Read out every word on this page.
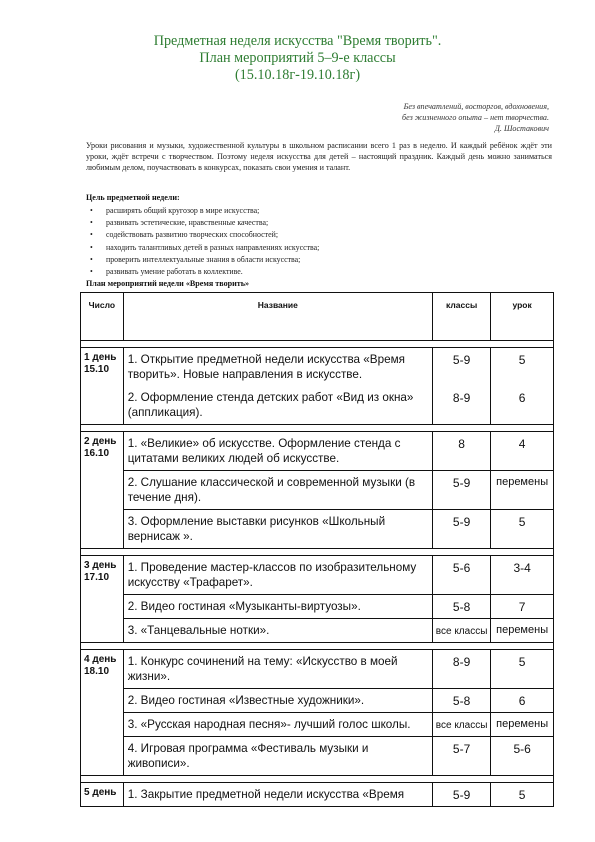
Предметная неделя искусства "Время творить".
План мероприятий 5–9-е классы
(15.10.18г-19.10.18г)
Без впечатлений, восторгов, вдохновения,
без жизненного опыта – нет творчества.
Д. Шостакович
Уроки рисования и музыки, художественной культуры в школьном расписании всего 1 раз в неделю. И каждый ребёнок ждёт эти уроки, ждёт встречи с творчеством. Поэтому неделя искусства для детей – настоящий праздник. Каждый день можно заниматься любимым делом, поучаствовать в конкурсах, показать свои умения и талант.
Цель предметной недели:
• расширять общий кругозор в мире искусства;
• развивать эстетические, нравственные качества;
• содействовать развитию творческих способностей;
• находить талантливых детей в разных направлениях искусства;
• проверить интеллектуальные знания в области искусства;
• развивать умение работать в коллективе.
План мероприятий недели «Время творить»
Число	Название	классы	урок

1 день 15.10	1. Открытие предметной недели искусства «Время творить». Новые направления в искусстве.	5-9	5
	2. Оформление стенда детских работ «Вид из окна» (аппликация).	8-9	6

2 день 16.10	1. «Великие» об искусстве. Оформление стенда с цитатами великих людей об искусстве.	8	4
	2. Слушание классической и современной музыки (в течение дня).	5-9	перемены
	3. Оформление выставки рисунков «Школьный вернисаж ».	5-9	5

3 день 17.10	1. Проведение мастер-классов по изобразительному искусству «Трафарет».	5-6	3-4
	2. Видео гостиная «Музыканты-виртуозы».	5-8	7
	3. «Танцевальные нотки».	все классы	перемены

4 день 18.10	1. Конкурс сочинений на тему: «Искусство в моей жизни».	8-9	5
	2. Видео гостиная «Известные художники».	5-8	6
	3. «Русская народная песня»- лучший голос школы.	все классы	перемены
	4. Игровая программа «Фестиваль музыки и живописи».	5-7	5-6

5 день	1. Закрытие предметной недели искусства «Время	5-9	5
